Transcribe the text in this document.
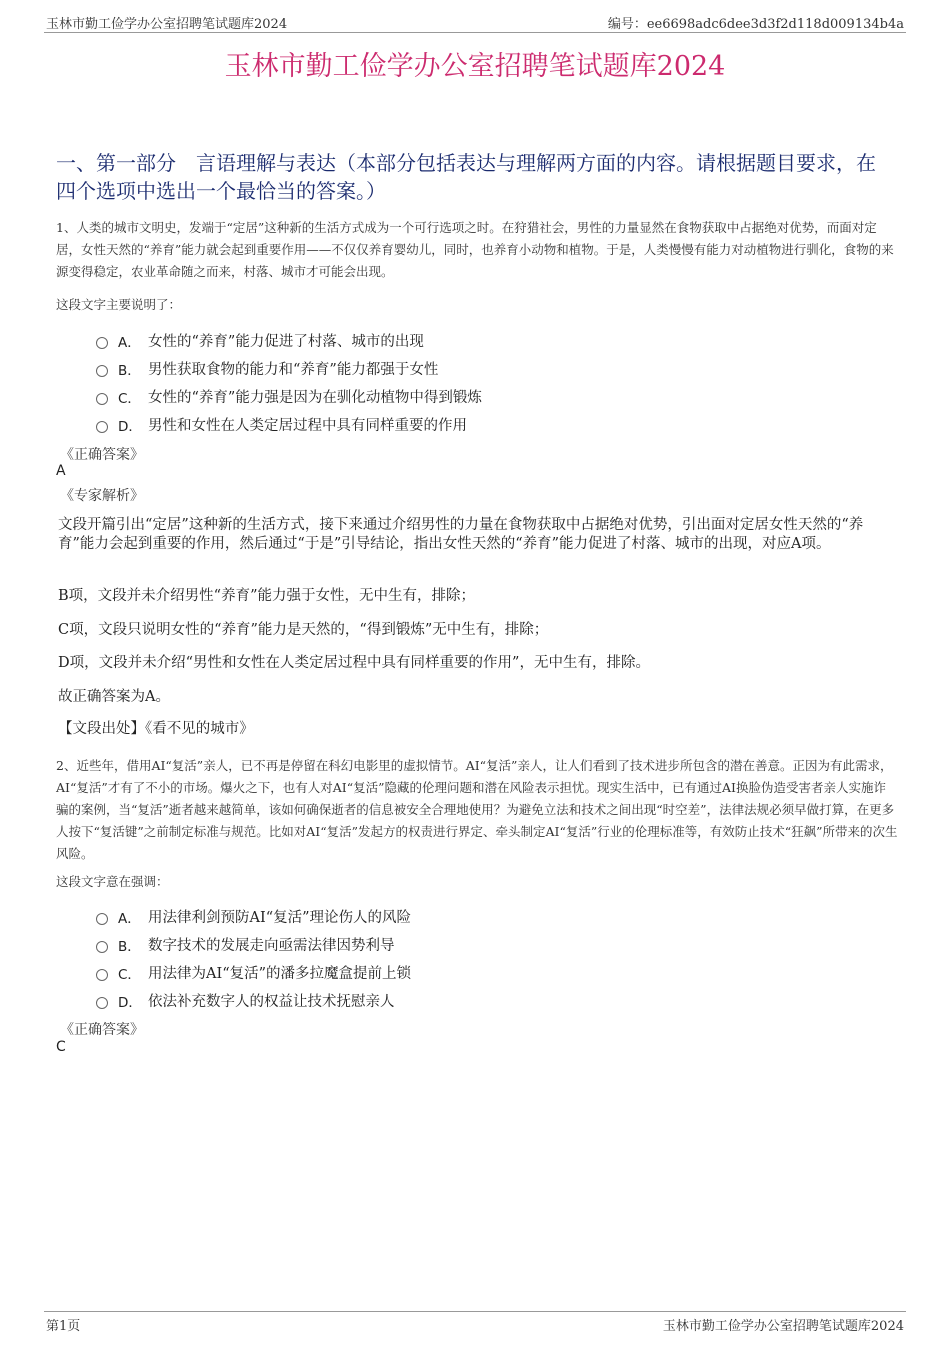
玉林市勤工俭学办公室招聘笔试题库2024	编号：ee6698adc6dee3d3f2d118d009134b4a
玉林市勤工俭学办公室招聘笔试题库2024
一、第一部分　言语理解与表达（本部分包括表达与理解两方面的内容。请根据题目要求，在四个选项中选出一个最恰当的答案。）
1、人类的城市文明史，发端于“定居”这种新的生活方式成为一个可行选项之时。在狩猎社会，男性的力量显然在食物获取中占据绝对优势，而面对定居，女性天然的“养育”能力就会起到重要作用——不仅仅养育婴幼儿，同时，也养育小动物和植物。于是，人类慢慢有能力对动植物进行驯化，食物的来源变得稳定，农业革命随之而来，村落、城市才可能会出现。
这段文字主要说明了：
A． 女性的“养育”能力促进了村落、城市的出现
B． 男性获取食物的能力和“养育”能力都强于女性
C． 女性的“养育”能力强是因为在驯化动植物中得到锻炼
D． 男性和女性在人类定居过程中具有同样重要的作用
《正确答案》
A
《专家解析》
文段开篇引出“定居”这种新的生活方式，接下来通过介绍男性的力量在食物获取中占据绝对优势，引出面对定居女性天然的“养育”能力会起到重要的作用，然后通过“于是”引导结论，指出女性天然的“养育”能力促进了村落、城市的出现，对应A项。
B项，文段并未介绍男性“养育”能力强于女性，无中生有，排除；
C项，文段只说明女性的“养育”能力是天然的，“得到锻炼”无中生有，排除；
D项，文段并未介绍“男性和女性在人类定居过程中具有同样重要的作用”，无中生有，排除。
故正确答案为A。
【文段出处】《看不见的城市》
2、近些年，借用AI“复活”亲人，已不再是停留在科幻电影里的虚拟情节。AI“复活”亲人，让人们看到了技术进步所包含的潜在善意。正因为有此需求，AI“复活”才有了不小的市场。爆火之下，也有人对AI“复活”隐藏的伦理问题和潜在风险表示担忧。现实生活中，已有通过AI换脸伪造受害者亲人实施诈骗的案例，当“复活”逝者越来越简单，该如何确保逝者的信息被安全合理地使用？为避免立法和技术之间出现“时空差”，法律法规必须早做打算，在更多人按下“复活键”之前制定标准与规范。比如对AI“复活”发起方的权责进行界定、牵头制定AI“复活”行业的伦理标准等，有效防止技术“狂飙”所带来的次生风险。
这段文字意在强调：
A． 用法律利剑预防AI“复活”理论伤人的风险
B． 数字技术的发展走向亟需法律因势利导
C． 用法律为AI“复活”的潘多拉魔盒提前上锁
D． 依法补充数字人的权益让技术抚慰亲人
《正确答案》
C
第1页	玉林市勤工俭学办公室招聘笔试题库2024
